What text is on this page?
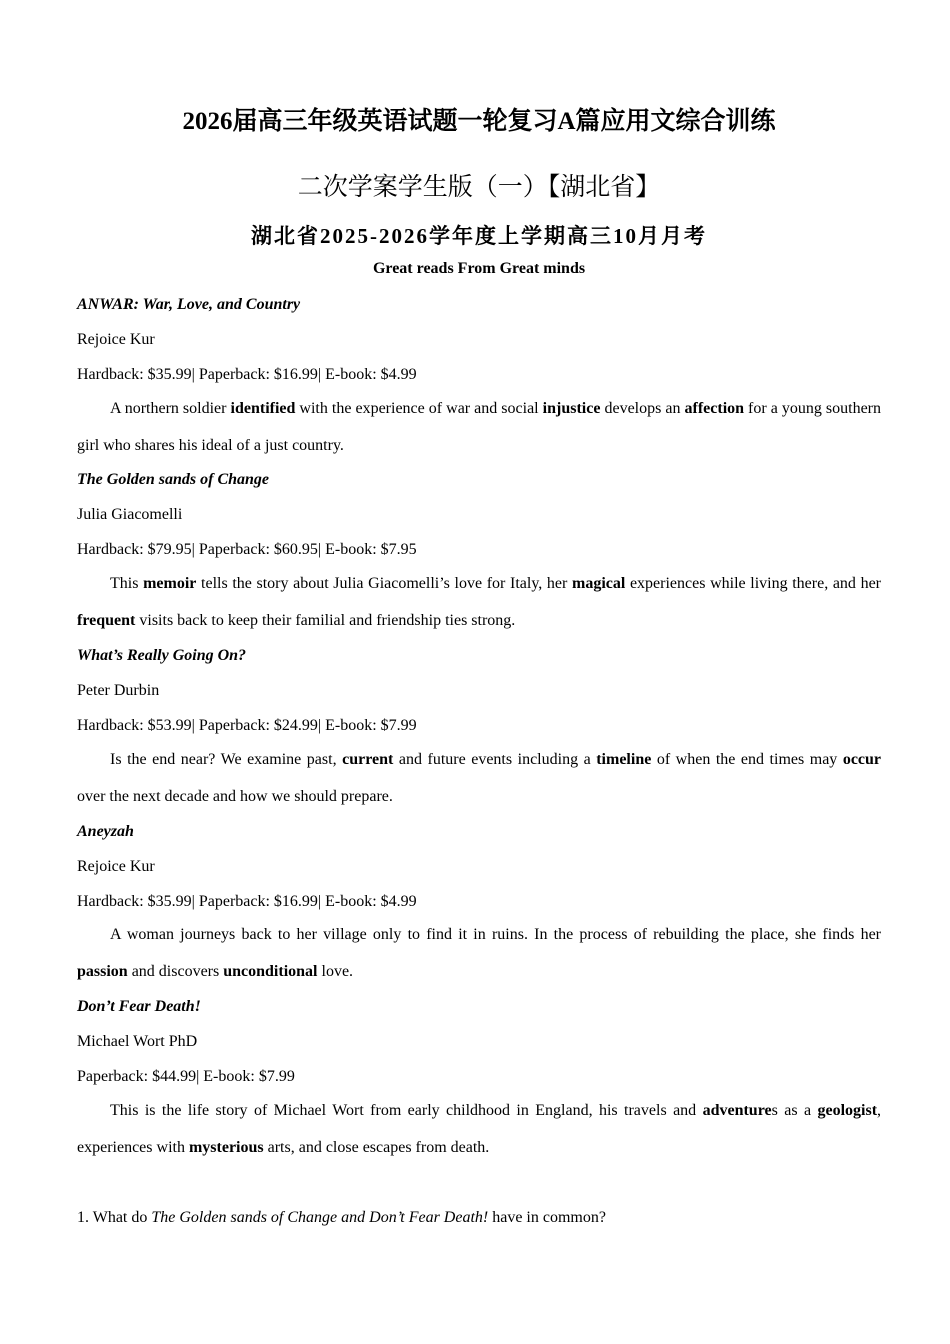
2026届高三年级英语试题一轮复习A篇应用文综合训练
二次学案学生版（一）【湖北省】
湖北省2025-2026学年度上学期高三10月月考
Great reads From Great minds
ANWAR: War, Love, and Country
Rejoice Kur
Hardback: $35.99| Paperback: $16.99| E-book: $4.99
A northern soldier identified with the experience of war and social injustice develops an affection for a young southern girl who shares his ideal of a just country.
The Golden sands of Change
Julia Giacomelli
Hardback: $79.95| Paperback: $60.95| E-book: $7.95
This memoir tells the story about Julia Giacomelli’s love for Italy, her magical experiences while living there, and her frequent visits back to keep their familial and friendship ties strong.
What’s Really Going On?
Peter Durbin
Hardback: $53.99| Paperback: $24.99| E-book: $7.99
Is the end near? We examine past, current and future events including a timeline of when the end times may occur over the next decade and how we should prepare.
Aneyzah
Rejoice Kur
Hardback: $35.99| Paperback: $16.99| E-book: $4.99
A woman journeys back to her village only to find it in ruins. In the process of rebuilding the place, she finds her passion and discovers unconditional love.
Don’t Fear Death!
Michael Wort PhD
Paperback: $44.99| E-book: $7.99
This is the life story of Michael Wort from early childhood in England, his travels and adventures as a geologist, experiences with mysterious arts, and close escapes from death.
1. What do The Golden sands of Change and Don’t Fear Death! have in common?
